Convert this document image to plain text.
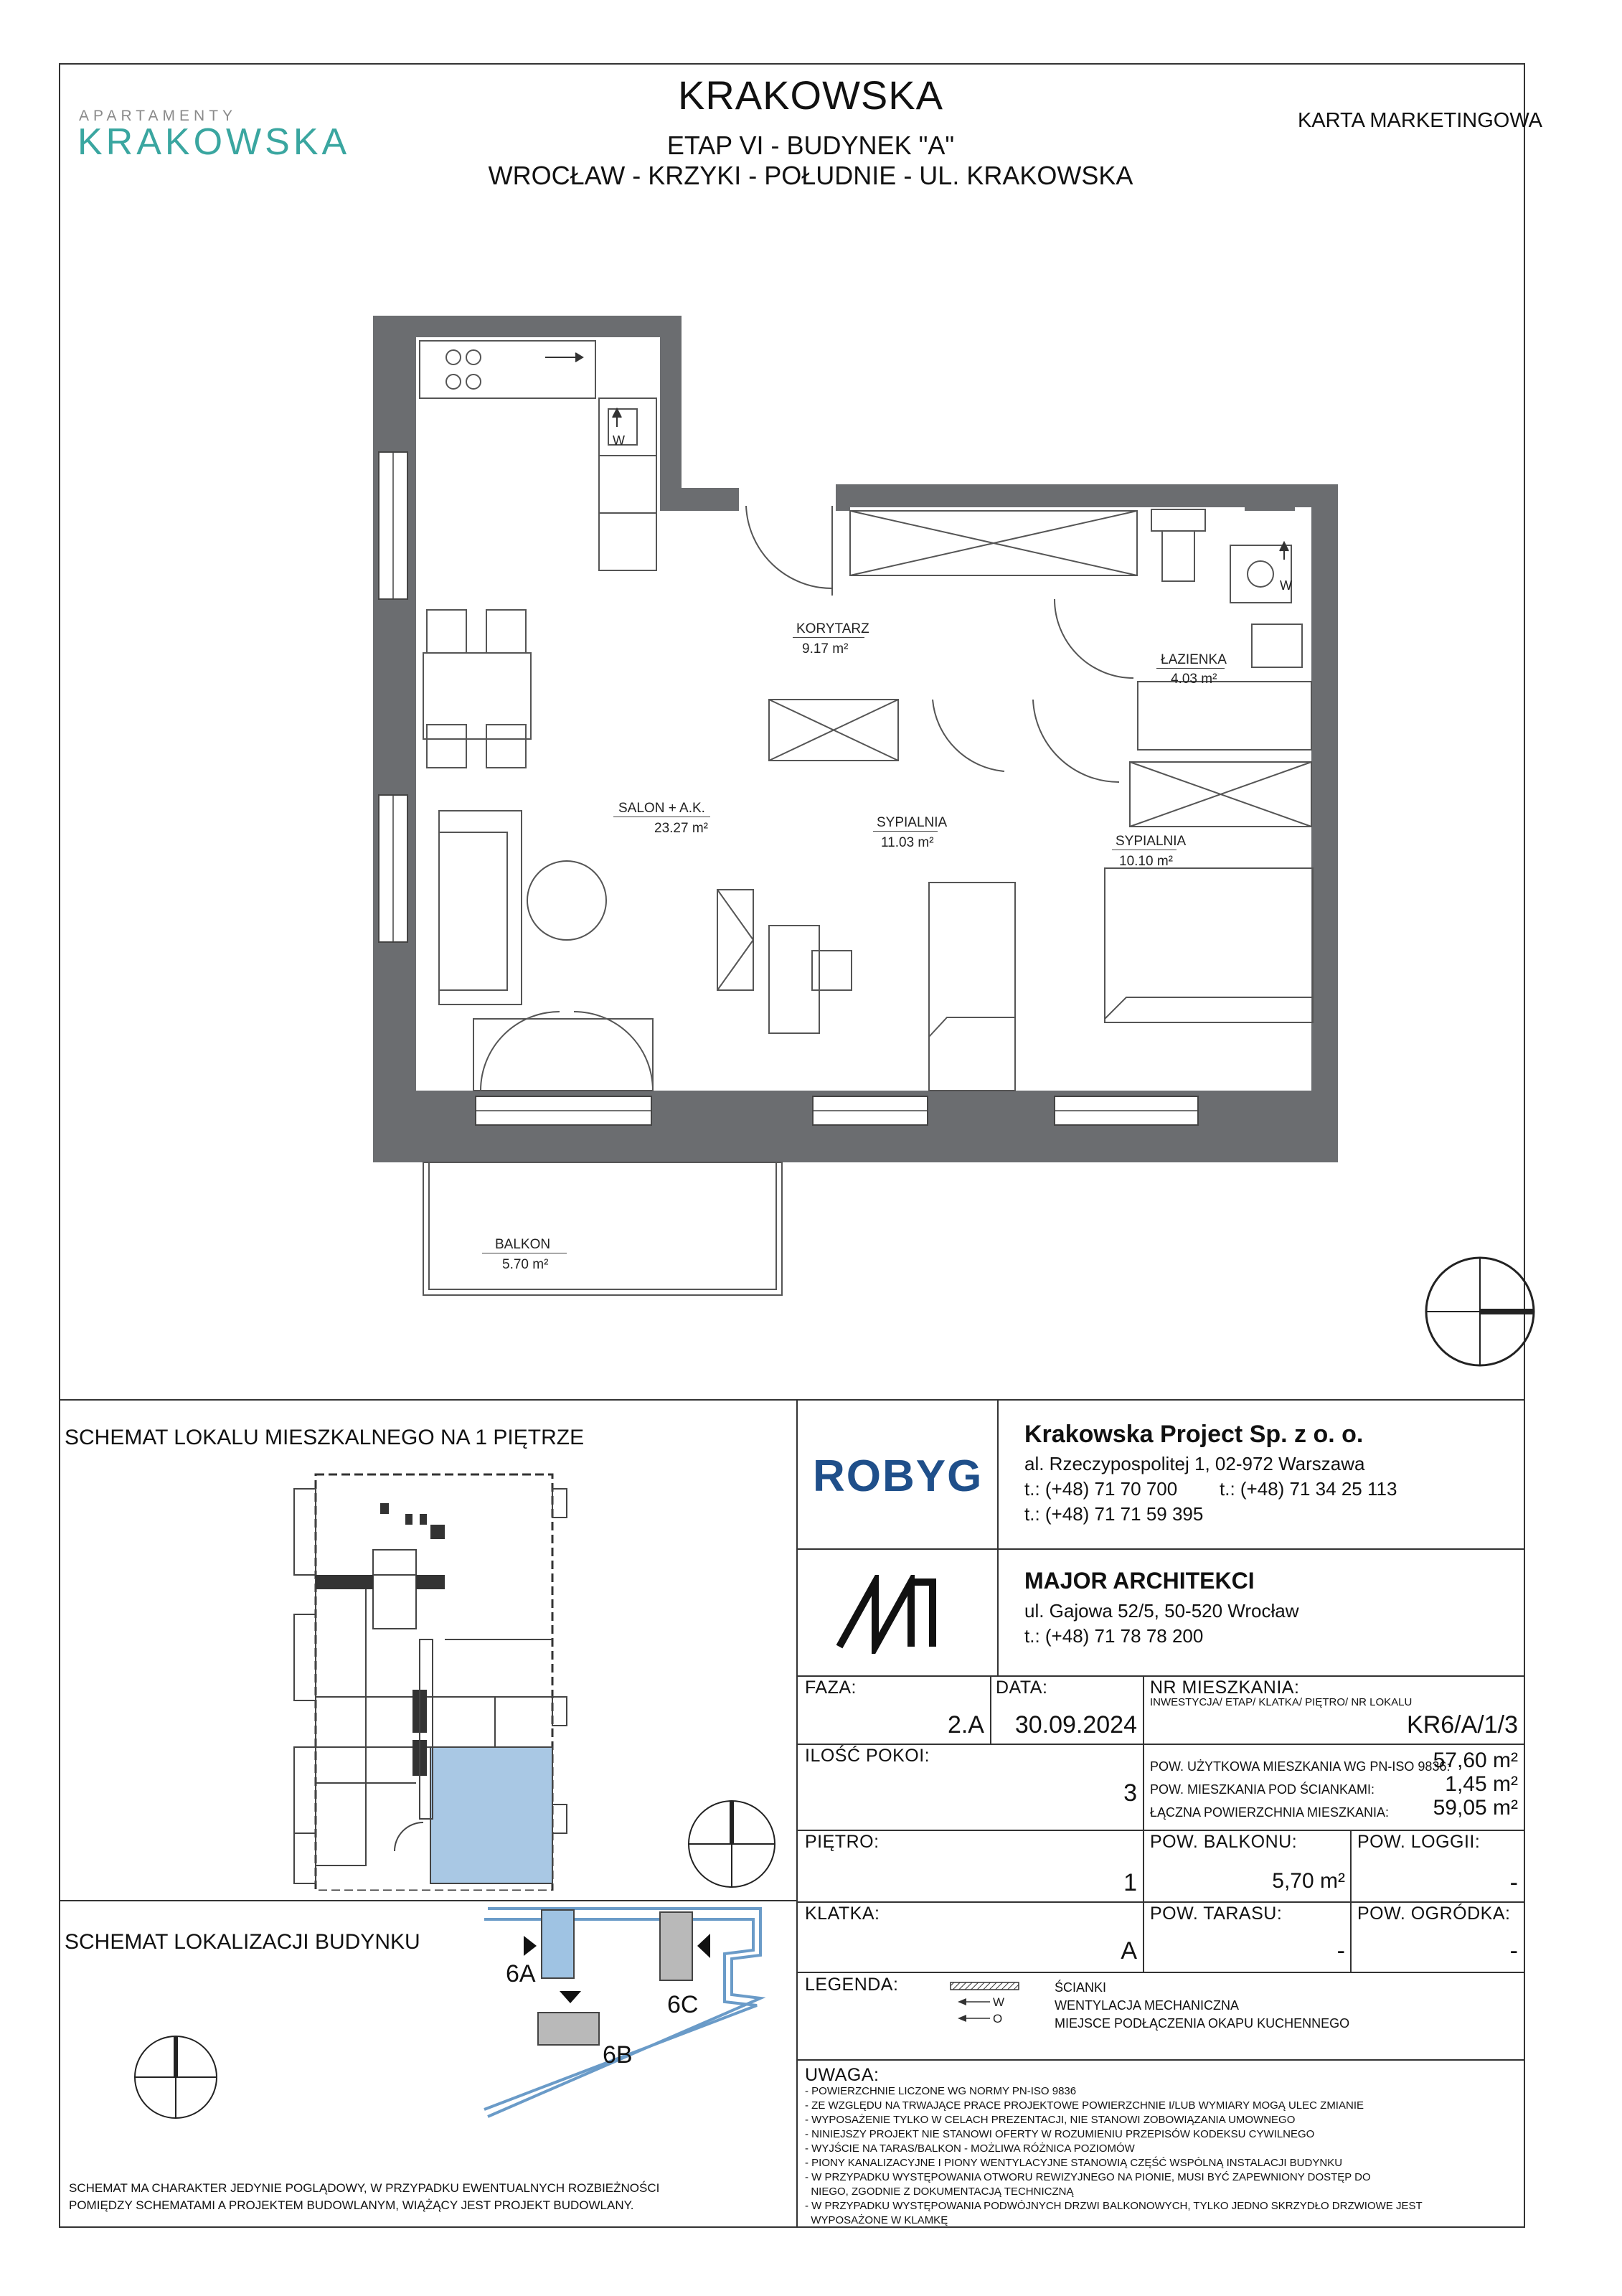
APARTAMENTY
KRAKOWSKA
KRAKOWSKA
ETAP VI - BUDYNEK "A"
WROCŁAW - KRZYKI - POŁUDNIE - UL. KRAKOWSKA
KARTA MARKETINGOWA
W
W
KORYTARZ
9.17 m²
ŁAZIENKA
4.03 m²
SALON + A.K.
23.27 m²	SYPIALNIA
11.03 m²	SYPIALNIA
10.10 m²
BALKON
5.70 m²
SCHEMAT LOKALU MIESZKALNEGO NA 1 PIĘTRZE
SCHEMAT LOKALIZACJI BUDYNKU
6A
6B
6C
SCHEMAT MA CHARAKTER JEDYNIE POGLĄDOWY, W PRZYPADKU EWENTUALNYCH ROZBIEŻNOŚCI
POMIĘDZY SCHEMATAMI A PROJEKTEM BUDOWLANYM, WIĄŻĄCY JEST PROJEKT BUDOWLANY.
ROBYG
Krakowska Project Sp. z o. o.
al. Rzeczypospolitej 1, 02-972 Warszawa
t.: (+48) 71 70 700 t.: (+48) 71 34 25 113
t.: (+48) 71 71 59 395
MAJOR ARCHITEKCI
ul. Gajowa 52/5, 50-520 Wrocław
t.: (+48) 71 78 78 200
FAZA:
2.A
DATA:
30.09.2024
NR MIESZKANIA:
INWESTYCJA/ ETAP/ KLATKA/ PIĘTRO/ NR LOKALU
KR6/A/1/3
ILOŚĆ POKOI:
3
POW. UŻYTKOWA MIESZKANIA WG PN-ISO 9836:
57,60 m²
POW. MIESZKANIA POD ŚCIANKAMI:	1,45 m²
ŁĄCZNA POWIERZCHNIA MIESZKANIA:	59,05 m²
PIĘTRO:
1
POW. BALKONU:
5,70 m²
POW. LOGGII:
-
KLATKA:
A
POW. TARASU:
-
POW. OGRÓDKA:
-
LEGENDA:
W
O
ŚCIANKI
WENTYLACJA MECHANICZNA
MIEJSCE PODŁĄCZENIA OKAPU KUCHENNEGO
UWAGA:
- POWIERZCHNIE LICZONE WG NORMY PN-ISO 9836
- ZE WZGLĘDU NA TRWAJĄCE PRACE PROJEKTOWE POWIERZCHNIE I/LUB WYMIARY MOGĄ ULEC ZMIANIE
- WYPOSAŻENIE TYLKO W CELACH PREZENTACJI, NIE STANOWI ZOBOWIĄZANIA UMOWNEGO
- NINIEJSZY PROJEKT NIE STANOWI OFERTY W ROZUMIENIU PRZEPISÓW KODEKSU CYWILNEGO
- WYJŚCIE NA TARAS/BALKON - MOŻLIWA RÓŻNICA POZIOMÓW
- PIONY KANALIZACYJNE I PIONY WENTYLACYJNE STANOWIĄ CZĘŚĆ WSPÓLNĄ INSTALACJI BUDYNKU
- W PRZYPADKU WYSTĘPOWANIA OTWORU REWIZYJNEGO NA PIONIE, MUSI BYĆ ZAPEWNIONY DOSTĘP DO
NIEGO, ZGODNIE Z DOKUMENTACJĄ TECHNICZNĄ
- W PRZYPADKU WYSTĘPOWANIA PODWÓJNYCH DRZWI BALKONOWYCH, TYLKO JEDNO SKRZYDŁO DRZWIOWE JEST
WYPOSAŻONE W KLAMKĘ
